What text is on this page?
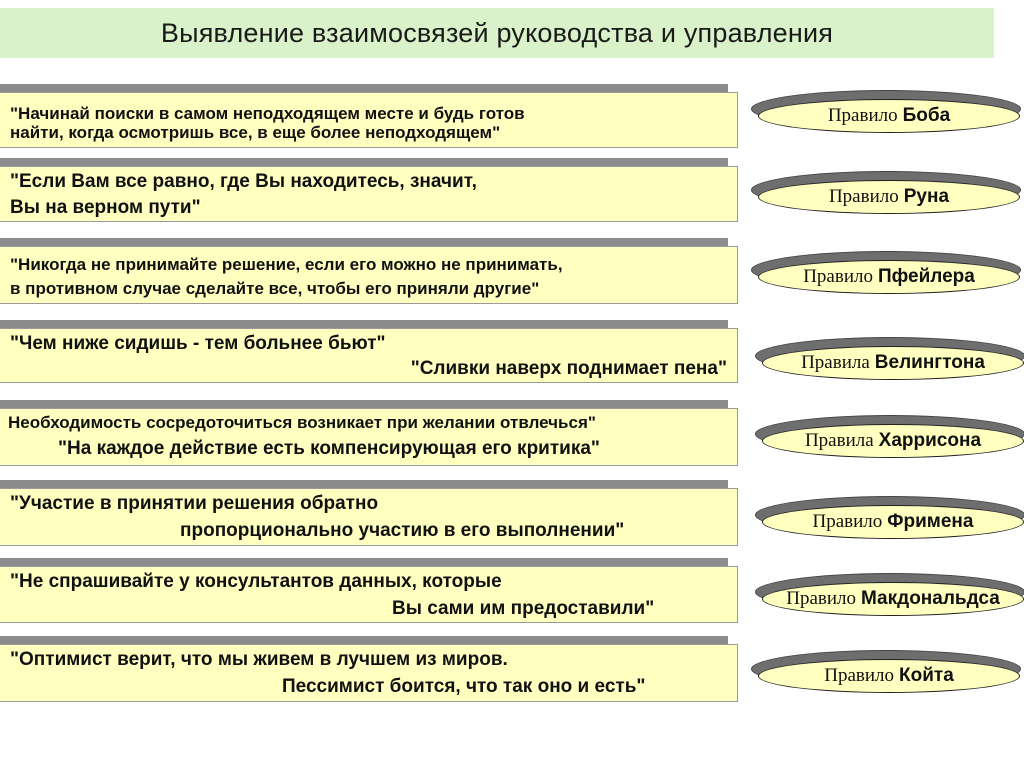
Выявление взаимосвязей руководства и управления
"Начинай поиски в самом неподходящем месте и будь готов
найти, когда осмотришь все, в еще более неподходящем"
Правило Боба
"Если Вам все равно, где Вы находитесь, значит,
Вы на верном пути"
Правило Руна
"Никогда не принимайте решение, если его можно не принимать,
в противном случае сделайте все, чтобы его приняли другие"
Правило Пфейлера
"Чем ниже сидишь - тем больнее бьют"
"Сливки наверх поднимает пена"	Правила Велингтона
Необходимость сосредоточиться возникает при желании отвлечься"
"На каждое действие есть компенсирующая его критика"	Правила Харрисона
"Участие в принятии решения обратно
пропорционально участию в его выполнении"	Правило Фримена
"Не спрашивайте у консультантов данных, которые
Вы сами им предоставили"	Правило Макдональдса
"Оптимист верит, что мы живем в лучшем из миров.
Пессимист боится, что так оно и есть"
Правило Койта
